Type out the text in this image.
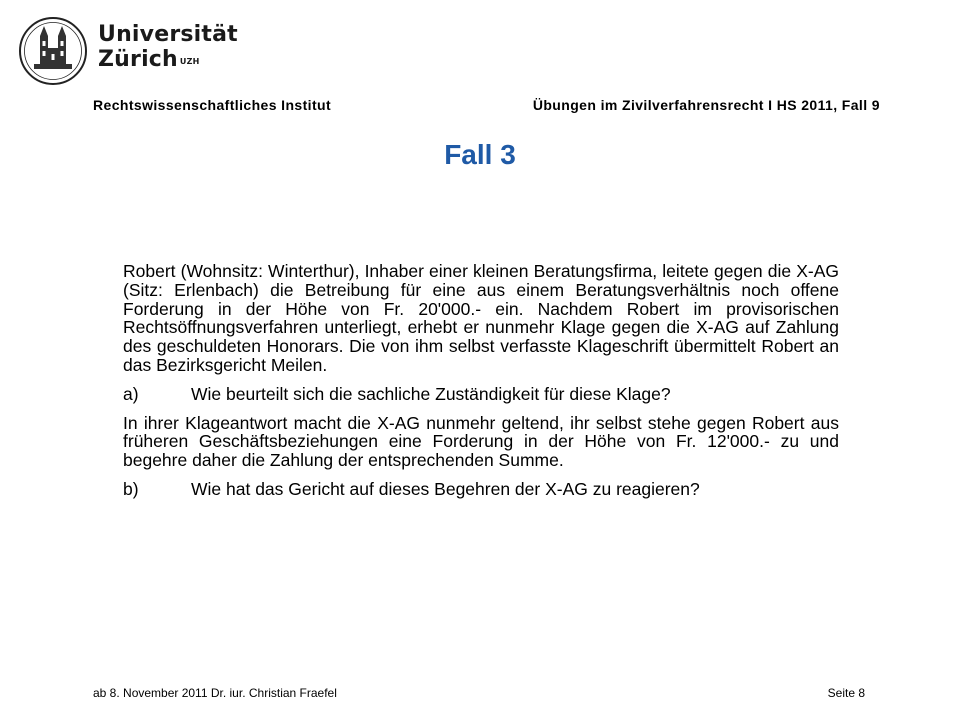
Universität
Zürich $^{UZH}$
Rechtswissenschaftliches Institut	Übungen im Zivilverfahrensrecht I HS 2011, Fall 9
Fall 3

Robert (Wohnsitz: Winterthur), Inhaber einer kleinen Beratungsfirma, leitete gegen die X-AG (Sitz: Erlenbach) die Betreibung für eine aus einem Beratungsverhältnis noch offene Forderung in der Höhe von Fr. 20'000.- ein. Nachdem Robert im provisorischen Rechtsöffnungsverfahren unterliegt, erhebt er nunmehr Klage gegen die X-AG auf Zahlung des geschuldeten Honorars. Die von ihm selbst verfasste Klageschrift übermittelt Robert an das Bezirksgericht Meilen.

a)	Wie beurteilt sich die sachliche Zuständigkeit für diese Klage?

In ihrer Klageantwort macht die X-AG nunmehr geltend, ihr selbst stehe gegen Robert aus früheren Geschäftsbeziehungen eine Forderung in der Höhe von Fr. 12'000.- zu und begehre daher die Zahlung der entsprechenden Summe.

b)	Wie hat das Gericht auf dieses Begehren der X-AG zu reagieren?
ab 8. November 2011 Dr. iur. Christian Fraefel	Seite 8
